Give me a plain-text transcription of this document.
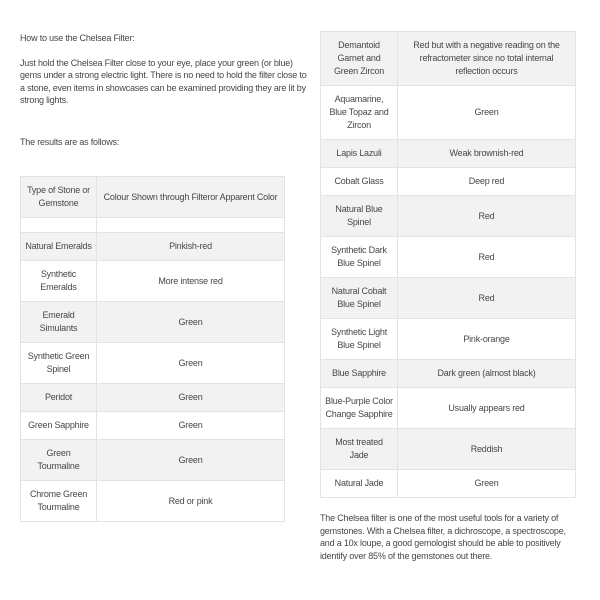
How to use the Chelsea Filter:

Just hold the Chelsea Filter close to your eye, place your green (or blue) gems under a strong electric light. There is no need to hold the filter close to a stone, even items in showcases can be examined providing they are lit by strong lights.

The results are as follows:

Type of Stone or Gemstone	Colour Shown through Filteror Apparent Color

Natural Emeralds	Pinkish-red
Synthetic Emeralds	More intense red
Emerald Simulants	Green
Synthetic Green Spinel	Green
Peridot	Green
Green Sapphire	Green
Green Tourmaline	Green
Chrome Green Tourmaline	Red or pink
Demantoid Garnet and Green Zircon	Red but with a negative reading on the refractometer since no total internal reflection occurs
Aquamarine, Blue Topaz and Zircon	Green
Lapis Lazuli	Weak brownish-red
Cobalt Glass	Deep red
Natural Blue Spinel	Red
Synthetic Dark Blue Spinel	Red
Natural Cobalt Blue Spinel	Red
Synthetic Light Blue Spinel	Pink-orange
Blue Sapphire	Dark green (almost black)
Blue-Purple Color Change Sapphire	Usually appears red
Most treated Jade	Reddish
Natural Jade	Green

The Chelsea filter is one of the most useful tools for a variety of gemstones. With a Chelsea filter, a dichroscope, a spectroscope, and a 10x loupe, a good gemologist should be able to positively identify over 85% of the gemstones out there.
